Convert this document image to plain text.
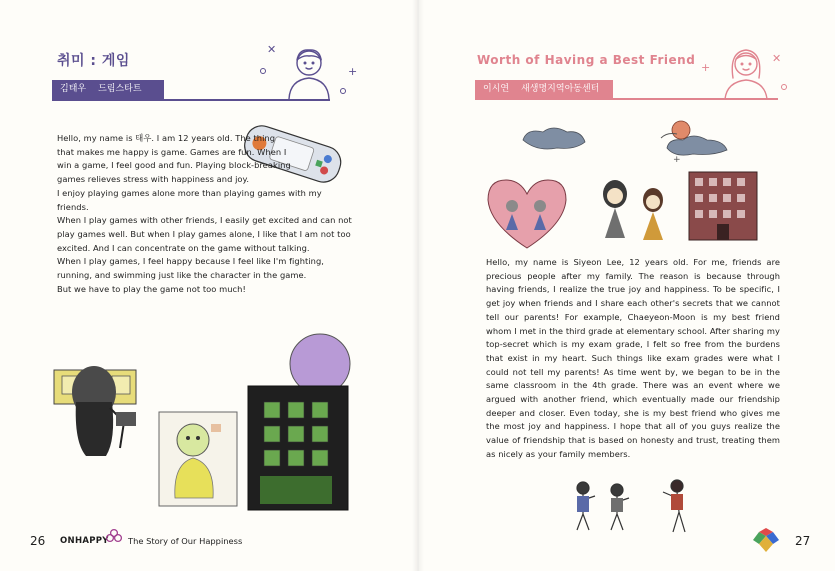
취미 : 게임
김태우 드림스타트
✕
+

Hello, my name is 태우. I am 12 years old. The thing that makes me happy is game. Games are fun. When I win a game, I feel good and fun. Playing block-breaking games relieves stress with happiness and joy.

I enjoy playing games alone more than playing games with my friends.

When I play games with other friends, I easily get excited and can not play games well. But when I play games alone, I like that I am not too excited. And I can concentrate on the game without talking.

When I play games, I feel happy because I feel like I'm fighting, running, and swimming just like the character in the game.

But we have to play the game not too much!

26 ONHAPPY The Story of Our Happiness
Worth of Having a Best Friend
이시연 새생명지역아동센터
✕
+
+

Hello, my name is Siyeon Lee, 12 years old. For me, friends are precious people after my family. The reason is because through having friends, I realize the true joy and happiness. To be specific, I get joy when friends and I share each other's secrets that we cannot tell our parents! For example, Chaeyeon-Moon is my best friend whom I met in the third grade at elementary school. After sharing my top-secret which is my exam grade, I felt so free from the burdens that exist in my heart. Such things like exam grades were what I could not tell my parents! As time went by, we began to be in the same classroom in the 4th grade. There was an event where we argued with another friend, which eventually made our friendship deeper and closer. Even today, she is my best friend who gives me the most joy and happiness. I hope that all of you guys realize the value of friendship that is based on honesty and trust, treating them as nicely as your family members.

27
